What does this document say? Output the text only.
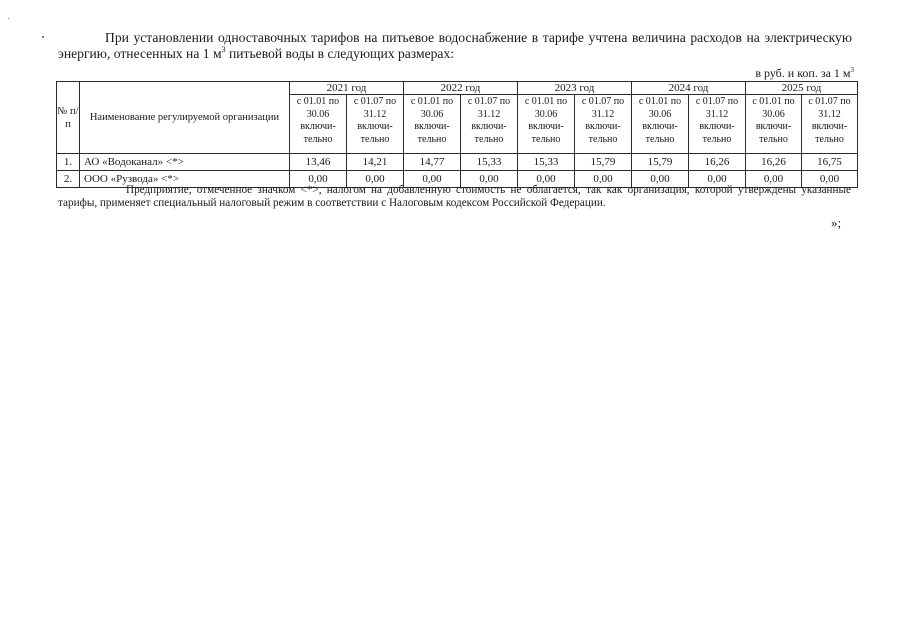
При установлении одноставочных тарифов на питьевое водоснабжение в тарифе учтена величина расходов на электрическую энергию, отнесенных на 1 $м^3$ питьевой воды в следующих размерах:

в руб. и коп. за 1 $м^3$
№ п/п	Наименование регулируемой организации	2021 год		2022 год		2023 год		2024 год		2025 год	
		с 01.01 по 30.06 включи-тельно	с 01.07 по 31.12 включи-тельно	с 01.01 по 30.06 включи-тельно	с 01.07 по 31.12 включи-тельно	с 01.01 по 30.06 включи-тельно	с 01.07 по 31.12 включи-тельно	с 01.01 по 30.06 включи-тельно	с 01.07 по 31.12 включи-тельно	с 01.01 по 30.06 включи-тельно	с 01.07 по 31.12 включи-тельно
1.	АО «Водоканал» <*>	13,46	14,21	14,77	15,33	15,33	15,79	15,79	16,26	16,26	16,75
2.	ООО «Рузвода» <*>	0,00	0,00	0,00	0,00	0,00	0,00	0,00	0,00	0,00	0,00

Предприятие, отмеченное значком <*>, налогом на добавленную стоимость не облагается, так как организация, которой утверждены указанные тарифы, применяет специальный налоговый режим в соответствии с Налоговым кодексом Российской Федерации.

»;
